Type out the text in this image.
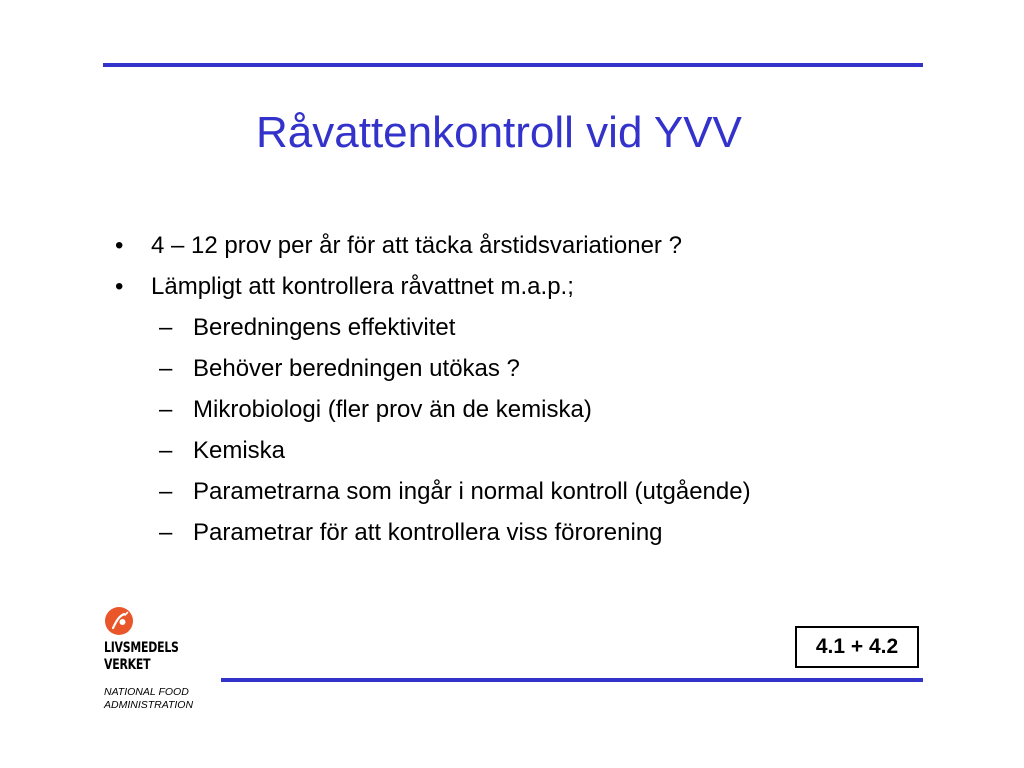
Råvattenkontroll vid YVV
• 4 – 12 prov per år för att täcka årstidsvariationer ?
• Lämpligt att kontrollera råvattnet m.a.p.;
– Beredningens effektivitet
– Behöver beredningen utökas ?
– Mikrobiologi (fler prov än de kemiska)
– Kemiska
– Parametrarna som ingår i normal kontroll (utgående)
– Parametrar för att kontrollera viss förorening
4.1 + 4.2
LIVSMEDELS
VERKET
NATIONAL FOOD
ADMINISTRATION
